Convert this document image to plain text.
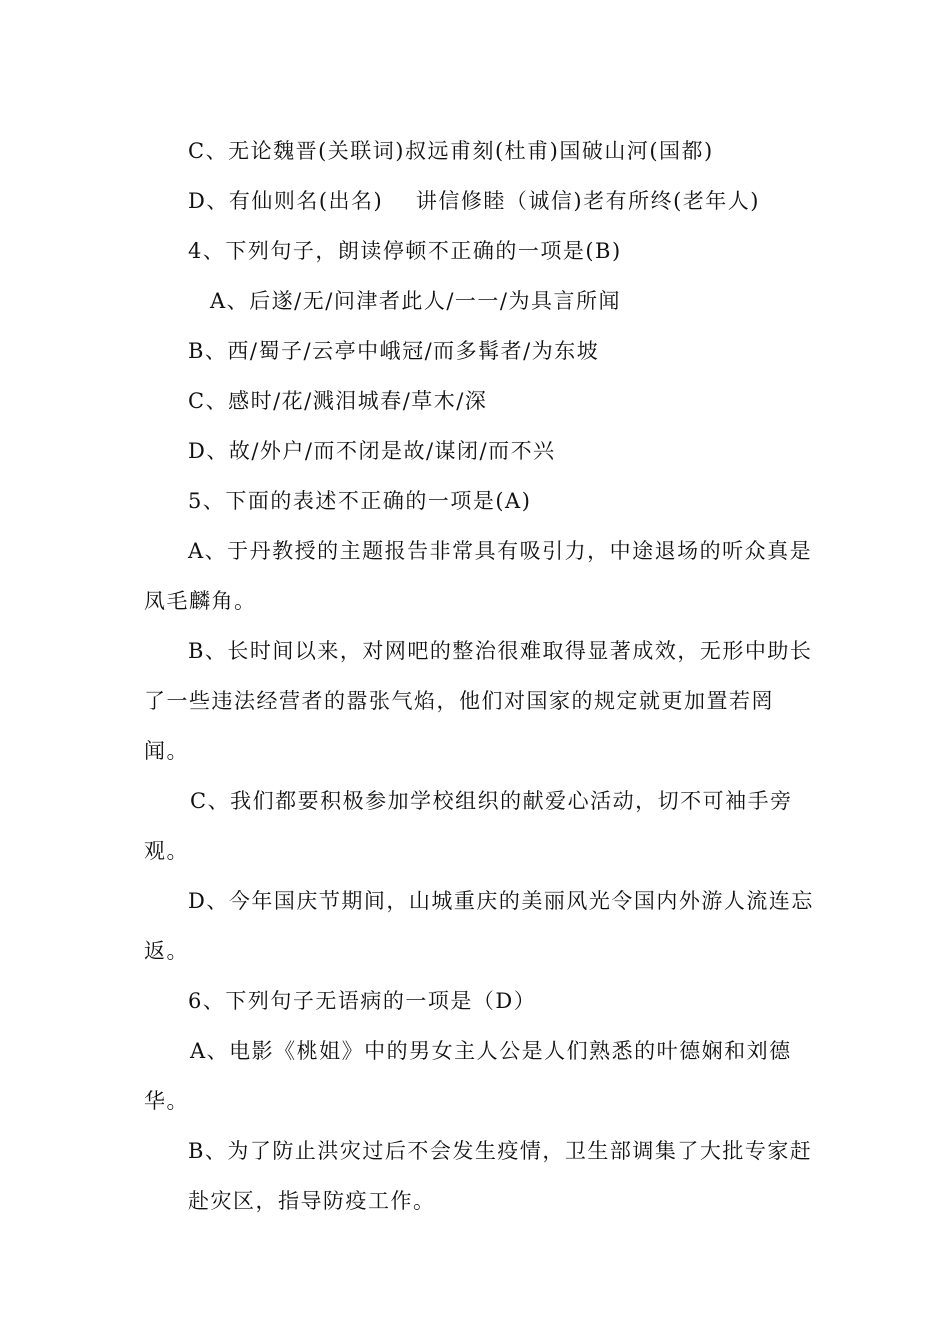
C、无论魏晋(关联词)叔远甫刻(杜甫)国破山河(国都)
D、有仙则名(出名)    讲信修睦（诚信)老有所终(老年人)
4、下列句子，朗读停顿不正确的一项是(B)
A、后遂/无/问津者此人/一一/为具言所闻
B、西/蜀子/云亭中峨冠/而多髯者/为东坡
C、感时/花/溅泪城春/草木/深
D、故/外户/而不闭是故/谋闭/而不兴
5、下面的表述不正确的一项是(A)
A、于丹教授的主题报告非常具有吸引力，中途退场的听众真是
凤毛麟角。
B、长时间以来，对网吧的整治很难取得显著成效，无形中助长
了一些违法经营者的嚣张气焰，他们对国家的规定就更加置若罔
闻。
C、我们都要积极参加学校组织的献爱心活动，切不可袖手旁
观。
D、今年国庆节期间，山城重庆的美丽风光令国内外游人流连忘
返。
6、下列句子无语病的一项是（D）
A、电影《桃姐》中的男女主人公是人们熟悉的叶德娴和刘德
华。
B、为了防止洪灾过后不会发生疫情，卫生部调集了大批专家赶
赴灾区，指导防疫工作。
